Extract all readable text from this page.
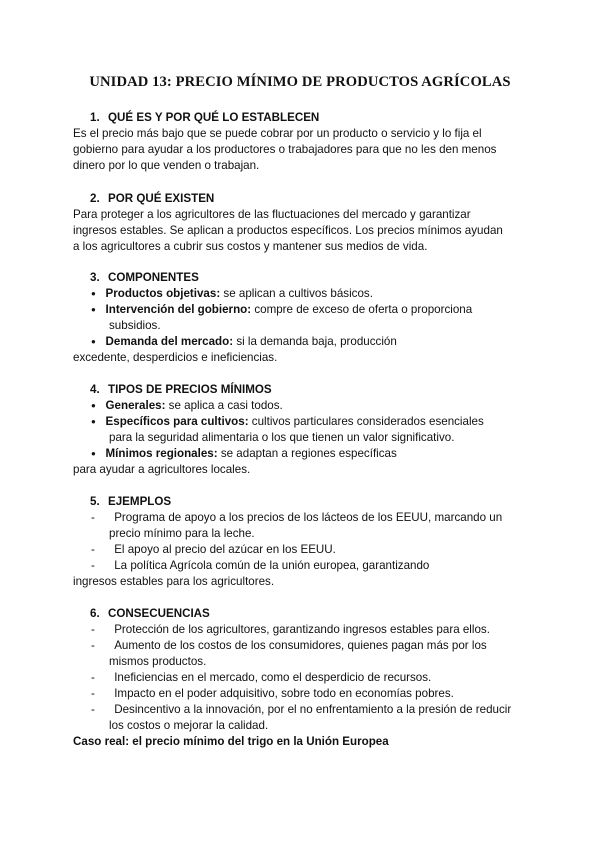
UNIDAD 13: PRECIO MÍNIMO DE PRODUCTOS AGRÍCOLAS
1. QUÉ ES Y POR QUÉ LO ESTABLECEN
Es el precio más bajo que se puede cobrar por un producto o servicio y lo fija el
gobierno para ayudar a los productores o trabajadores para que no les den menos
dinero por lo que venden o trabajan.
2. POR QUÉ EXISTEN
Para proteger a los agricultores de las fluctuaciones del mercado y garantizar
ingresos estables. Se aplican a productos específicos. Los precios mínimos ayudan
a los agricultores a cubrir sus costos y mantener sus medios de vida.
3. COMPONENTES
● Productos objetivas: se aplican a cultivos básicos.
● Intervención del gobierno: compre de exceso de oferta o proporciona
subsidios.
● Demanda del mercado: si la demanda baja, producción
excedente, desperdicios e ineficiencias.
4. TIPOS DE PRECIOS MÍNIMOS
● Generales: se aplica a casi todos.
● Específicos para cultivos: cultivos particulares considerados esenciales
para la seguridad alimentaria o los que tienen un valor significativo.
● Mínimos regionales: se adaptan a regiones específicas
para ayudar a agricultores locales.
5. EJEMPLOS
- Programa de apoyo a los precios de los lácteos de los EEUU, marcando un
precio mínimo para la leche.
- El apoyo al precio del azúcar en los EEUU.
- La política Agrícola común de la unión europea, garantizando
ingresos estables para los agricultores.
6. CONSECUENCIAS
- Protección de los agricultores, garantizando ingresos estables para ellos.
- Aumento de los costos de los consumidores, quienes pagan más por los
mismos productos.
- Ineficiencias en el mercado, como el desperdicio de recursos.
- Impacto en el poder adquisitivo, sobre todo en economías pobres.
- Desincentivo a la innovación, por el no enfrentamiento a la presión de reducir
los costos o mejorar la calidad.
Caso real: el precio mínimo del trigo en la Unión Europea
